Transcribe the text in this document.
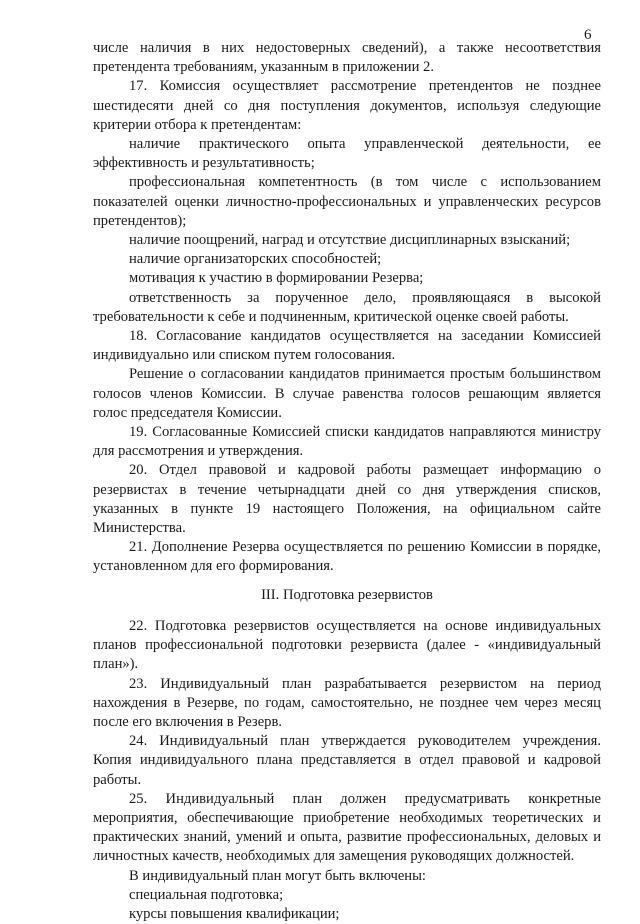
6
числе наличия в них недостоверных сведений), а также несоответствия претендента требованиям, указанным в приложении 2.
17. Комиссия осуществляет рассмотрение претендентов не позднее шестидесяти дней со дня поступления документов, используя следующие критерии отбора к претендентам:
наличие практического опыта управленческой деятельности, ее эффективность и результативность;
профессиональная компетентность (в том числе с использованием показателей оценки личностно-профессиональных и управленческих ресурсов претендентов);
наличие поощрений, наград и отсутствие дисциплинарных взысканий;
наличие организаторских способностей;
мотивация к участию в формировании Резерва;
ответственность за порученное дело, проявляющаяся в высокой требовательности к себе и подчиненным, критической оценке своей работы.
18. Согласование кандидатов осуществляется на заседании Комиссией индивидуально или списком путем голосования.
Решение о согласовании кандидатов принимается простым большинством голосов членов Комиссии. В случае равенства голосов решающим является голос председателя Комиссии.
19. Согласованные Комиссией списки кандидатов направляются министру для рассмотрения и утверждения.
20. Отдел правовой и кадровой работы размещает информацию о резервистах в течение четырнадцати дней со дня утверждения списков, указанных в пункте 19 настоящего Положения, на официальном сайте Министерства.
21. Дополнение Резерва осуществляется по решению Комиссии в порядке, установленном для его формирования.
III. Подготовка резервистов
22. Подготовка резервистов осуществляется на основе индивидуальных планов профессиональной подготовки резервиста (далее - «индивидуальный план»).
23. Индивидуальный план разрабатывается резервистом на период нахождения в Резерве, по годам, самостоятельно, не позднее чем через месяц после его включения в Резерв.
24. Индивидуальный план утверждается руководителем учреждения. Копия индивидуального плана представляется в отдел правовой и кадровой работы.
25. Индивидуальный план должен предусматривать конкретные мероприятия, обеспечивающие приобретение необходимых теоретических и практических знаний, умений и опыта, развитие профессиональных, деловых и личностных качеств, необходимых для замещения руководящих должностей.
В индивидуальный план могут быть включены:
специальная подготовка;
курсы повышения квалификации;
